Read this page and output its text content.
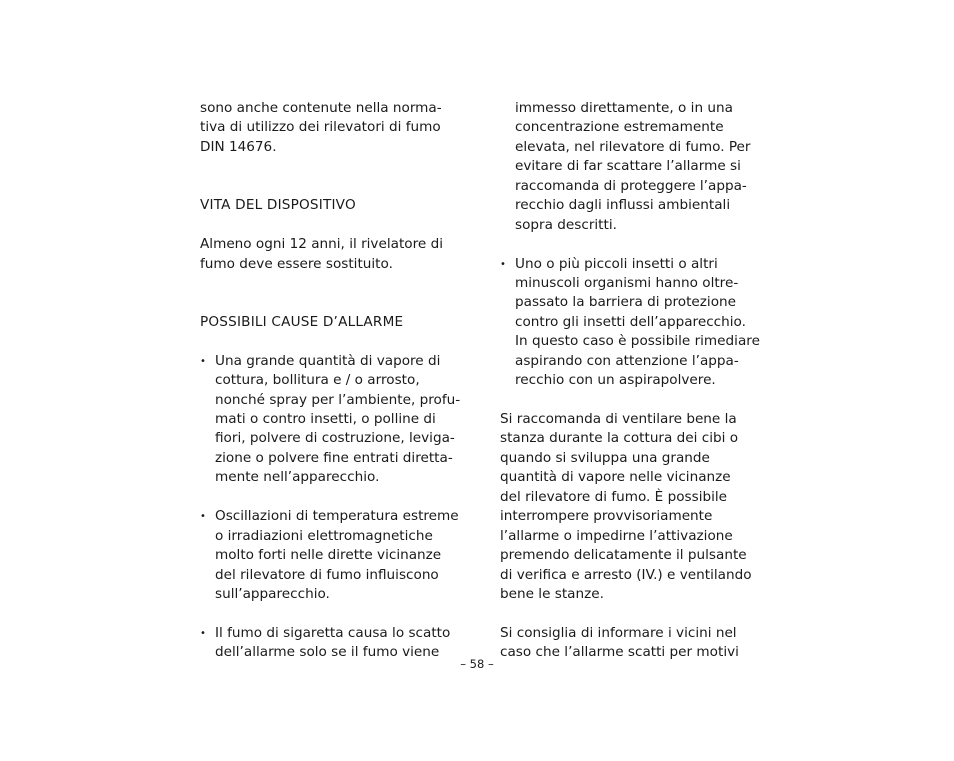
sono anche contenute nella norma-
tiva di utilizzo dei rilevatori di fumo
DIN 14676.
VITA DEL DISPOSITIVO
Almeno ogni 12 anni, il rivelatore di
fumo deve essere sostituito.
POSSIBILI CAUSE D’ALLARME
• Una grande quantità di vapore di
cottura, bollitura e / o arrosto,
nonché spray per l’ambiente, profu-
mati o contro insetti, o polline di
fiori, polvere di costruzione, leviga-
zione o polvere fine entrati diretta-
mente nell’apparecchio.
• Oscillazioni di temperatura estreme
o irradiazioni elettromagnetiche
molto forti nelle dirette vicinanze
del rilevatore di fumo influiscono
sull’apparecchio.
• Il fumo di sigaretta causa lo scatto
dell’allarme solo se il fumo viene
immesso direttamente, o in una
concentrazione estremamente
elevata, nel rilevatore di fumo. Per
evitare di far scattare l’allarme si
raccomanda di proteggere l’appa-
recchio dagli influssi ambientali
sopra descritti.
• Uno o più piccoli insetti o altri
minuscoli organismi hanno oltre-
passato la barriera di protezione
contro gli insetti dell’apparecchio.
In questo caso è possibile rimediare
aspirando con attenzione l’appa-
recchio con un aspirapolvere.
Si raccomanda di ventilare bene la
stanza durante la cottura dei cibi o
quando si sviluppa una grande
quantità di vapore nelle vicinanze
del rilevatore di fumo. È possibile
interrompere provvisoriamente
l’allarme o impedirne l’attivazione
premendo delicatamente il pulsante
di verifica e arresto (IV.) e ventilando
bene le stanze.
Si consiglia di informare i vicini nel
caso che l’allarme scatti per motivi
– 58 –
